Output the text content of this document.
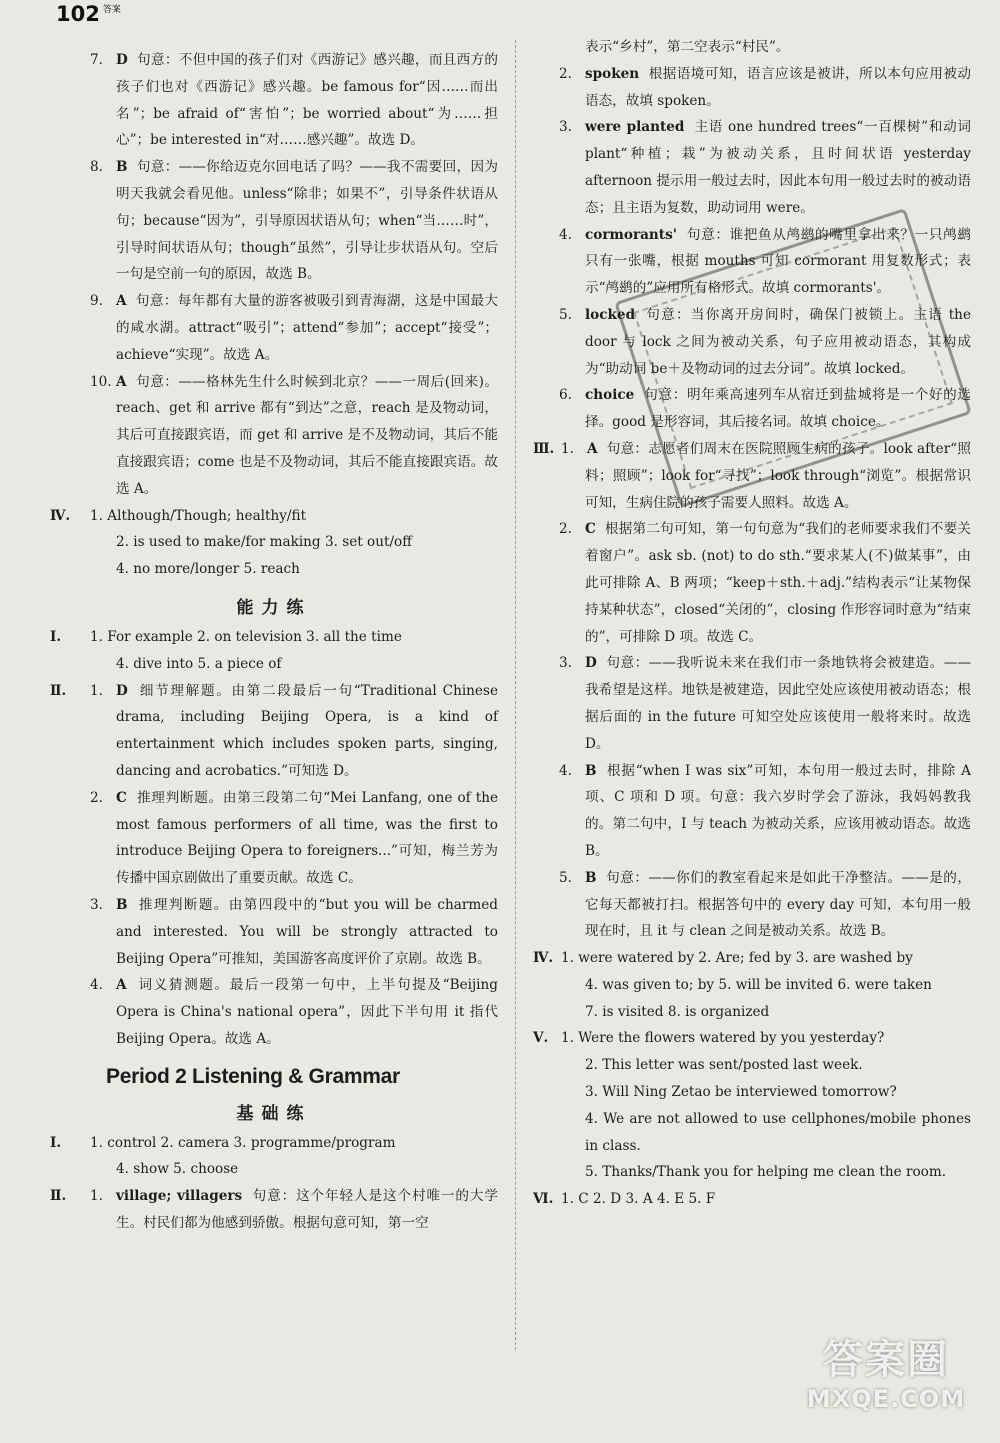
102 $^{答案}$

7. D 句意：不但中国的孩子们对《西游记》感兴趣，而且西方的孩子们也对《西游记》感兴趣。be famous for“因……而出名”；be afraid of“害怕”；be worried about“为……担心”；be interested in“对……感兴趣”。故选 D。

8. B 句意：——你给迈克尔回电话了吗？——我不需要回，因为明天我就会看见他。unless“除非；如果不”，引导条件状语从句；because“因为”，引导原因状语从句；when“当……时”，引导时间状语从句；though“虽然”，引导让步状语从句。空后一句是空前一句的原因，故选 B。

9. A 句意：每年都有大量的游客被吸引到青海湖，这是中国最大的咸水湖。attract“吸引”；attend“参加”；accept“接受”；achieve“实现”。故选 A。

10. A 句意：——格林先生什么时候到北京？——一周后(回来)。reach、get 和 arrive 都有“到达”之意，reach 是及物动词，其后可直接跟宾语，而 get 和 arrive 是不及物动词，其后不能直接跟宾语；come 也是不及物动词，其后不能直接跟宾语。故选 A。

Ⅳ. 1. Although/Though; healthy/fit

2. is used to make/for making 3. set out/off

4. no more/longer 5. reach

能力练

Ⅰ. 1. For example 2. on television 3. all the time

4. dive into 5. a piece of

Ⅱ. 1. D 细节理解题。由第二段最后一句“Traditional Chinese drama, including Beijing Opera, is a kind of entertainment which includes spoken parts, singing, dancing and acrobatics.”可知选 D。

2. C 推理判断题。由第三段第二句“Mei Lanfang, one of the most famous performers of all time, was the first to introduce Beijing Opera to foreigners...”可知，梅兰芳为传播中国京剧做出了重要贡献。故选 C。

3. B 推理判断题。由第四段中的“but you will be charmed and interested. You will be strongly attracted to Beijing Opera”可推知，美国游客高度评价了京剧。故选 B。

4. A 词义猜测题。最后一段第一句中，上半句提及“Beijing Opera is China's national opera”，因此下半句用 it 指代 Beijing Opera。故选 A。

Period 2 Listening & Grammar
基础练

Ⅰ. 1. control 2. camera 3. programme/program

4. show 5. choose

Ⅱ. 1. village; villagers 句意：这个年轻人是这个村唯一的大学生。村民们都为他感到骄傲。根据句意可知，第一空

表示“乡村”，第二空表示“村民”。

2. spoken 根据语境可知，语言应该是被讲，所以本句应用被动语态，故填 spoken。

3. were planted 主语 one hundred trees“一百棵树”和动词 plant“种植；栽”为被动关系，且时间状语 yesterday afternoon 提示用一般过去时，因此本句用一般过去时的被动语态；且主语为复数，助动词用 were。

4. cormorants' 句意：谁把鱼从鸬鹚的嘴里拿出来？一只鸬鹚只有一张嘴，根据 mouths 可知 cormorant 用复数形式；表示“鸬鹚的”应用所有格形式。故填 cormorants'。

5. locked 句意：当你离开房间时，确保门被锁上。主语 the door 与 lock 之间为被动关系，句子应用被动语态，其构成为“助动词 be＋及物动词的过去分词”。故填 locked。

6. choice 句意：明年乘高速列车从宿迁到盐城将是一个好的选择。good 是形容词，其后接名词。故填 choice。

Ⅲ. 1. A 句意：志愿者们周末在医院照顾生病的孩子。look after“照料；照顾”；look for“寻找”；look through“浏览”。根据常识可知，生病住院的孩子需要人照料。故选 A。

2. C 根据第二句可知，第一句句意为“我们的老师要求我们不要关着窗户”。ask sb. (not) to do sth.“要求某人(不)做某事”，由此可排除 A、B 两项；“keep＋sth.＋adj.”结构表示“让某物保持某种状态”，closed“关闭的”，closing 作形容词时意为“结束的”，可排除 D 项。故选 C。

3. D 句意：——我听说未来在我们市一条地铁将会被建造。——我希望是这样。地铁是被建造，因此空处应该使用被动语态；根据后面的 in the future 可知空处应该使用一般将来时。故选 D。

4. B 根据“when I was six”可知，本句用一般过去时，排除 A 项、C 项和 D 项。句意：我六岁时学会了游泳，我妈妈教我的。第二句中，I 与 teach 为被动关系，应该用被动语态。故选 B。

5. B 句意：——你们的教室看起来是如此干净整洁。——是的，它每天都被打扫。根据答句中的 every day 可知，本句用一般现在时，且 it 与 clean 之间是被动关系。故选 B。

Ⅳ. 1. were watered by 2. Are; fed by 3. are washed by

4. was given to; by 5. will be invited 6. were taken

7. is visited 8. is organized

Ⅴ. 1. Were the flowers watered by you yesterday?

2. This letter was sent/posted last week.

3. Will Ning Zetao be interviewed tomorrow?

4. We are not allowed to use cellphones/mobile phones in class.

5. Thanks/Thank you for helping me clean the room.

Ⅵ. 1. C 2. D 3. A 4. E 5. F

答案圈
MXQE.COM
